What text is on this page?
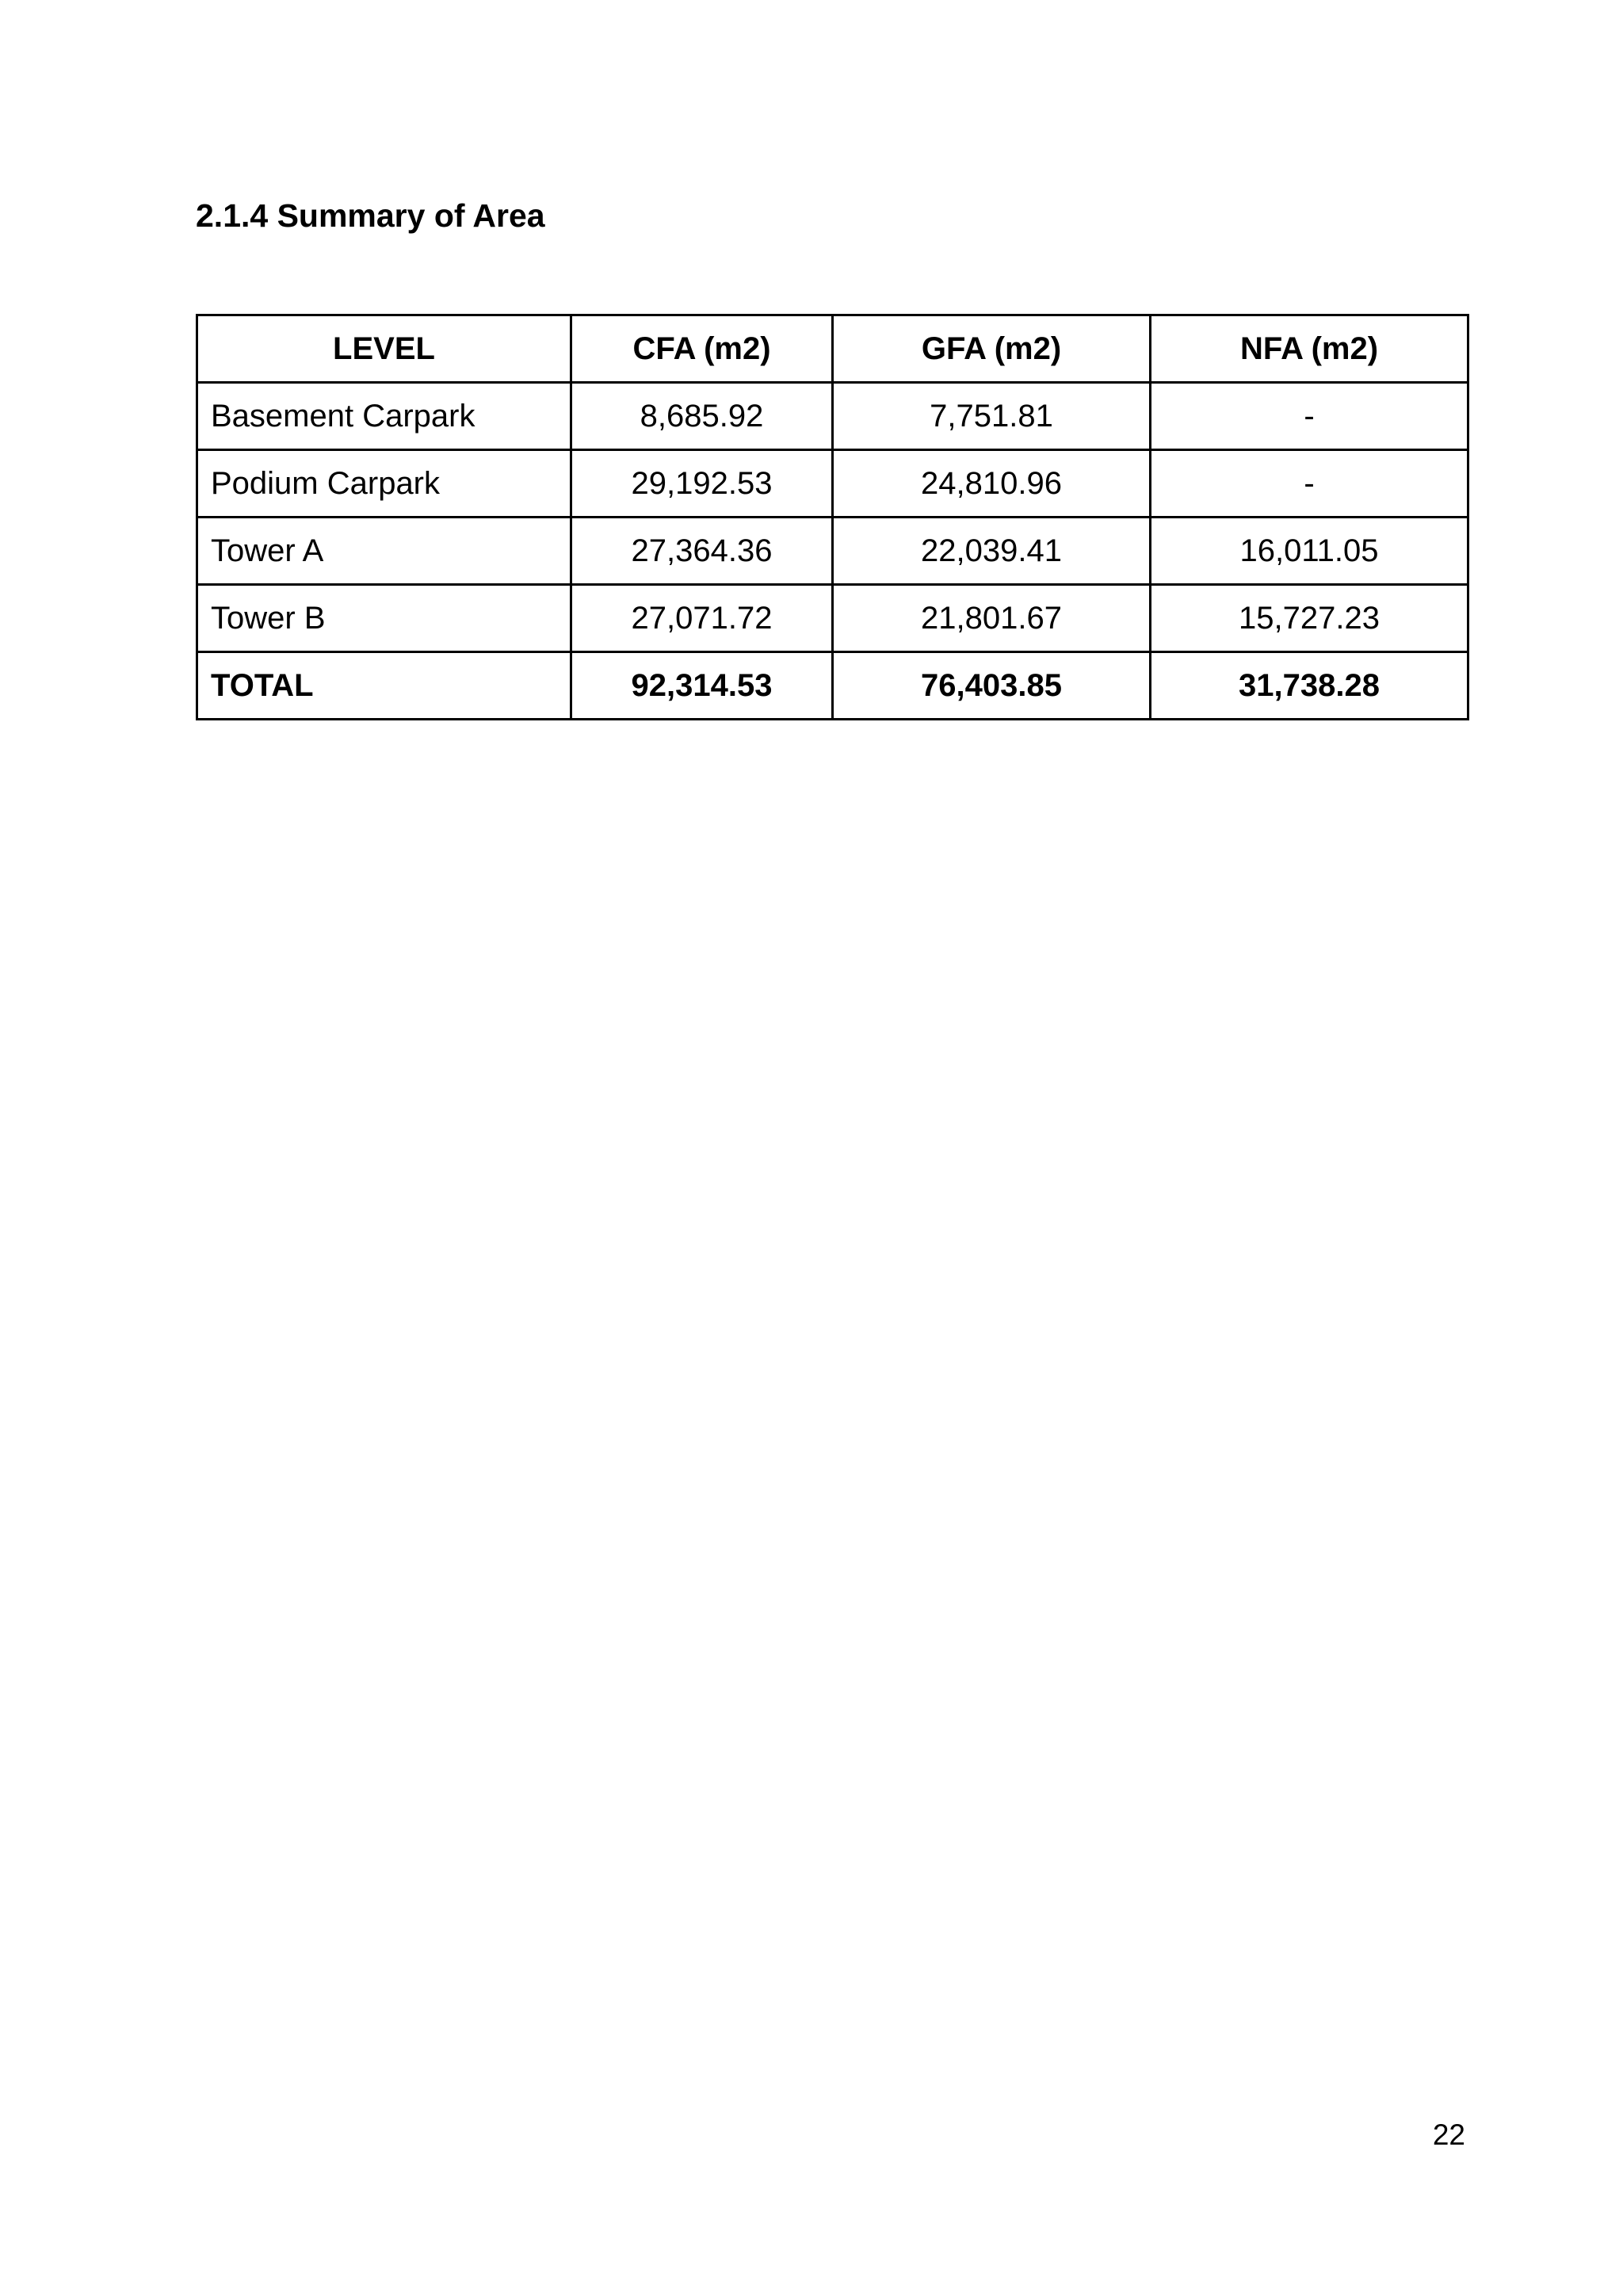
2.1.4 Summary of Area
LEVEL	CFA (m2)	GFA (m2)	NFA (m2)
Basement Carpark	8,685.92	7,751.81	-
Podium Carpark	29,192.53	24,810.96	-
Tower A	27,364.36	22,039.41	16,011.05
Tower B	27,071.72	21,801.67	15,727.23
TOTAL	92,314.53	76,403.85	31,738.28
22
